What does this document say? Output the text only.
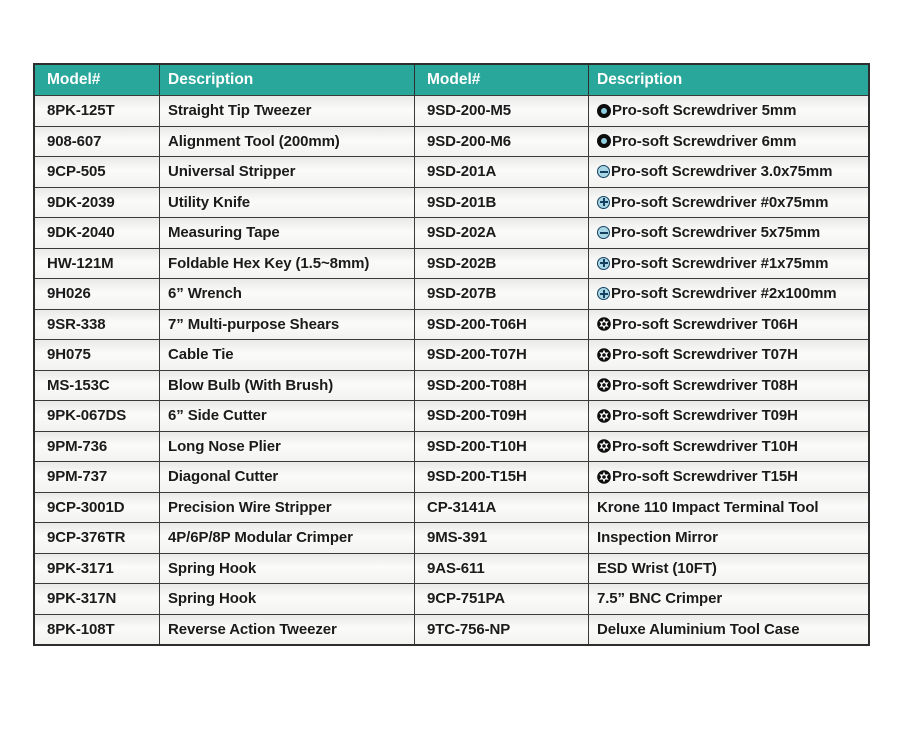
Model#	Description	Model#	Description
8PK-125T	Straight Tip Tweezer	9SD-200-M5	Pro-soft Screwdriver 5mm
908-607	Alignment Tool (200mm)	9SD-200-M6	Pro-soft Screwdriver 6mm
9CP-505	Universal Stripper	9SD-201A	Pro-soft Screwdriver 3.0x75mm
9DK-2039	Utility Knife	9SD-201B	Pro-soft Screwdriver #0x75mm
9DK-2040	Measuring Tape	9SD-202A	Pro-soft Screwdriver 5x75mm
HW-121M	Foldable Hex Key (1.5~8mm)	9SD-202B	Pro-soft Screwdriver #1x75mm
9H026	6” Wrench	9SD-207B	Pro-soft Screwdriver #2x100mm
9SR-338	7” Multi-purpose Shears	9SD-200-T06H	Pro-soft Screwdriver T06H
9H075	Cable Tie	9SD-200-T07H	Pro-soft Screwdriver T07H
MS-153C	Blow Bulb (With Brush)	9SD-200-T08H	Pro-soft Screwdriver T08H
9PK-067DS	6” Side Cutter	9SD-200-T09H	Pro-soft Screwdriver T09H
9PM-736	Long Nose Plier	9SD-200-T10H	Pro-soft Screwdriver T10H
9PM-737	Diagonal Cutter	9SD-200-T15H	Pro-soft Screwdriver T15H
9CP-3001D	Precision Wire Stripper	CP-3141A	Krone 110 Impact Terminal Tool
9CP-376TR	4P/6P/8P Modular Crimper	9MS-391	Inspection Mirror
9PK-3171	Spring Hook	9AS-611	ESD Wrist (10FT)
9PK-317N	Spring Hook	9CP-751PA	7.5” BNC Crimper
8PK-108T	Reverse Action Tweezer	9TC-756-NP	Deluxe Aluminium Tool Case
